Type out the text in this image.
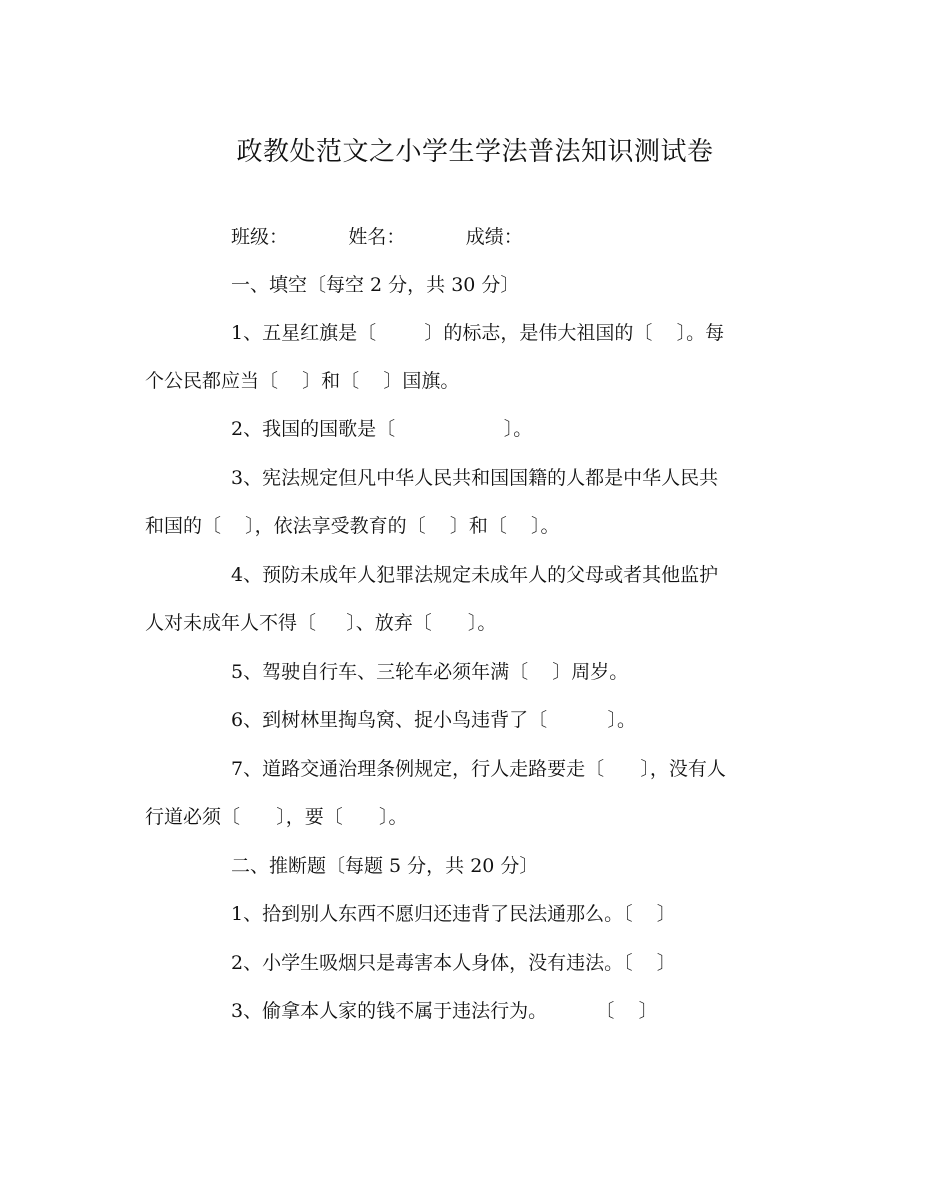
政教处范文之小学生学法普法知识测试卷
班级：          姓名：          成绩：
一、填空〔每空 2 分，共 30 分〕
1、五星红旗是〔        〕的标志，是伟大祖国的〔    〕。每
个公民都应当〔    〕和〔    〕国旗。
2、我国的国歌是〔                  〕。
3、宪法规定但凡中华人民共和国国籍的人都是中华人民共
和国的〔    〕，依法享受教育的〔    〕和〔    〕。
4、预防未成年人犯罪法规定未成年人的父母或者其他监护
人对未成年人不得〔     〕、放弃〔      〕。
5、驾驶自行车、三轮车必须年满〔    〕周岁。
6、到树林里掏鸟窝、捉小鸟违背了〔          〕。
7、道路交通治理条例规定，行人走路要走〔      〕，没有人
行道必须〔      〕，要〔      〕。
二、推断题〔每题 5 分，共 20 分〕
1、拾到别人东西不愿归还违背了民法通那么。〔    〕
2、小学生吸烟只是毒害本人身体，没有违法。〔    〕
3、偷拿本人家的钱不属于违法行为。        〔    〕
